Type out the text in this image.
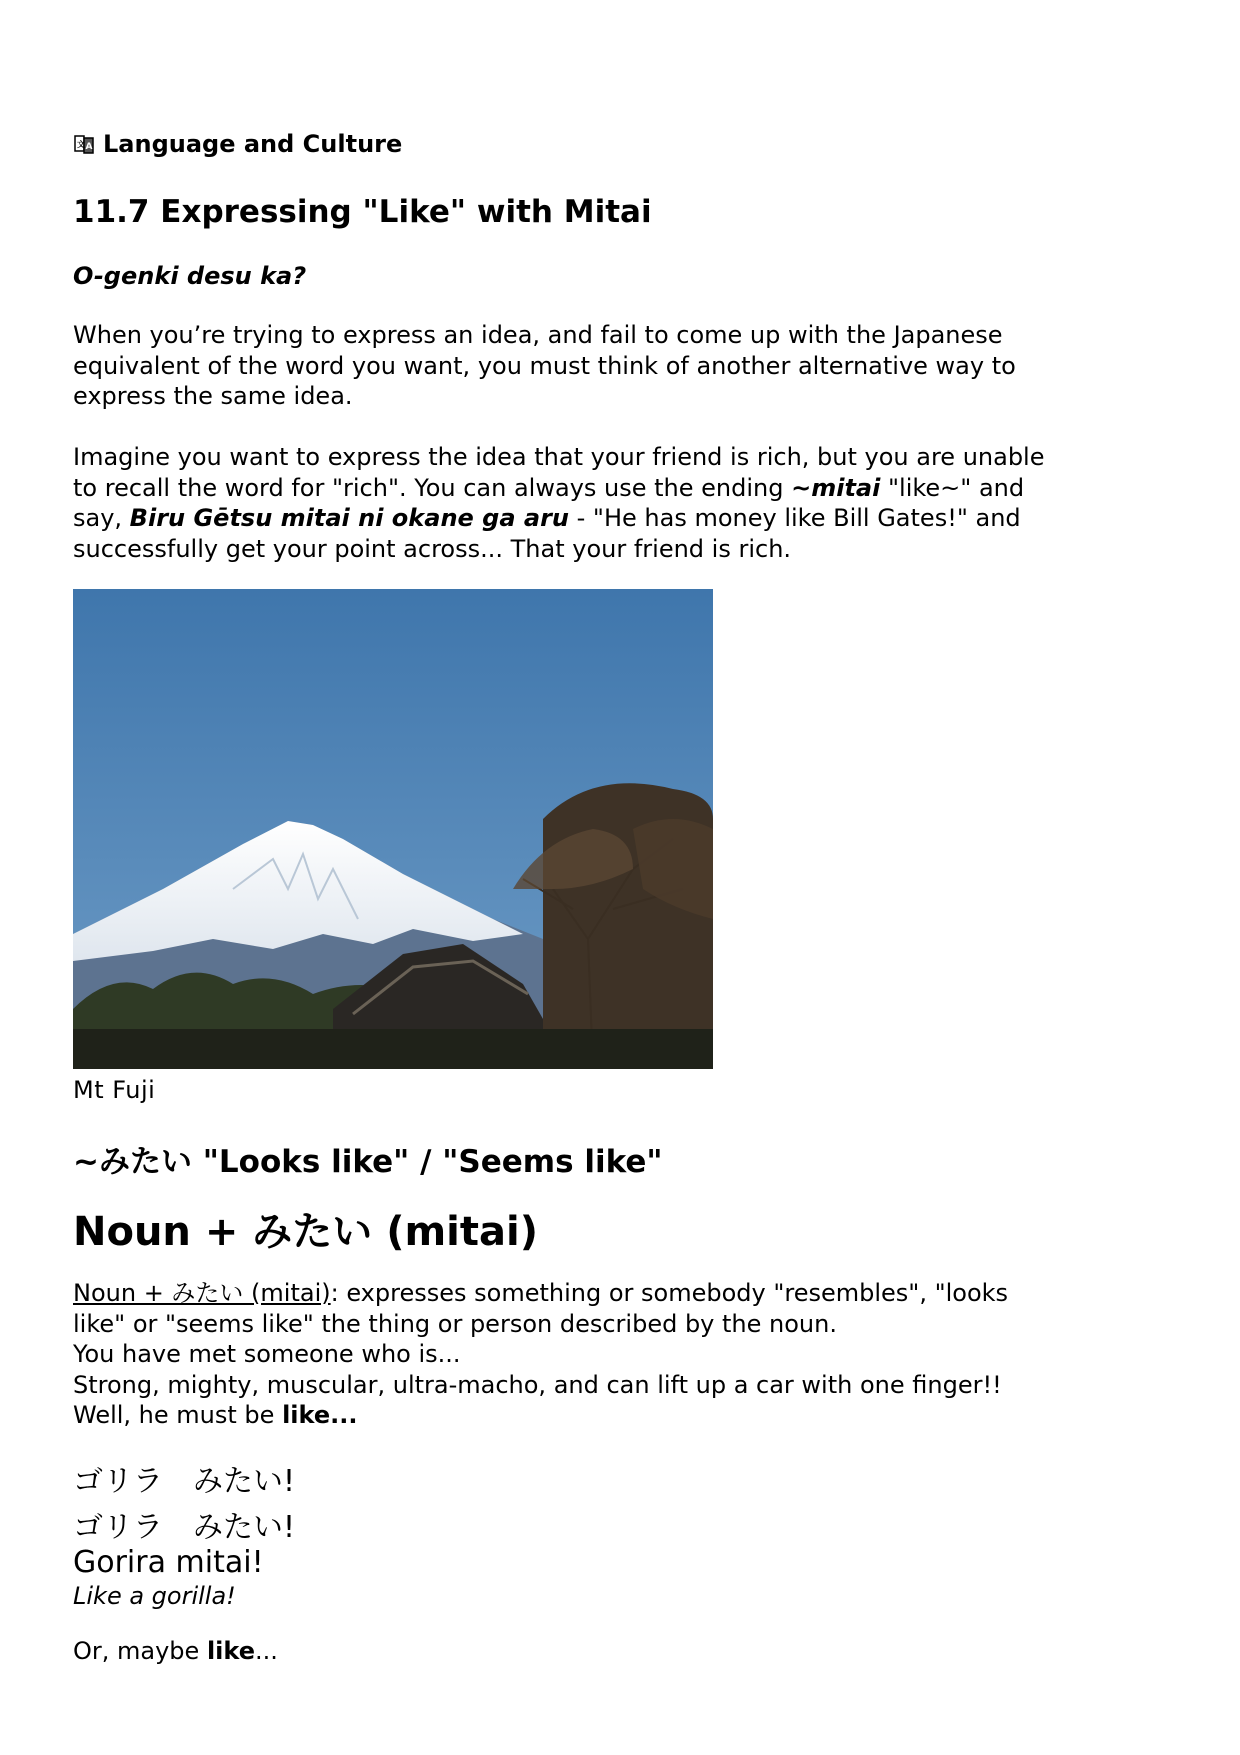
文 A Language and Culture
11.7 Expressing "Like" with Mitai
O-genki desu ka?

When you’re trying to express an idea, and fail to come up with the Japanese
equivalent of the word you want, you must think of another alternative way to
express the same idea.

Imagine you want to express the idea that your friend is rich, but you are unable
to recall the word for "rich". You can always use the ending ~mitai "like~" and
say, Biru Gētsu mitai ni okane ga aru - "He has money like Bill Gates!" and
successfully get your point across... That your friend is rich.

Mt Fuji
~みたい "Looks like" / "Seems like"
Noun + みたい (mitai)

Noun + みたい (mitai): expresses something or somebody "resembles", "looks
like" or "seems like" the thing or person described by the noun.
You have met someone who is...
Strong, mighty, muscular, ultra-macho, and can lift up a car with one finger!!
Well, he must be like...

ゴリラ　みたい!
ゴリラ　みたい!
Gorira mitai!
Like a gorilla!

Or, maybe like...
